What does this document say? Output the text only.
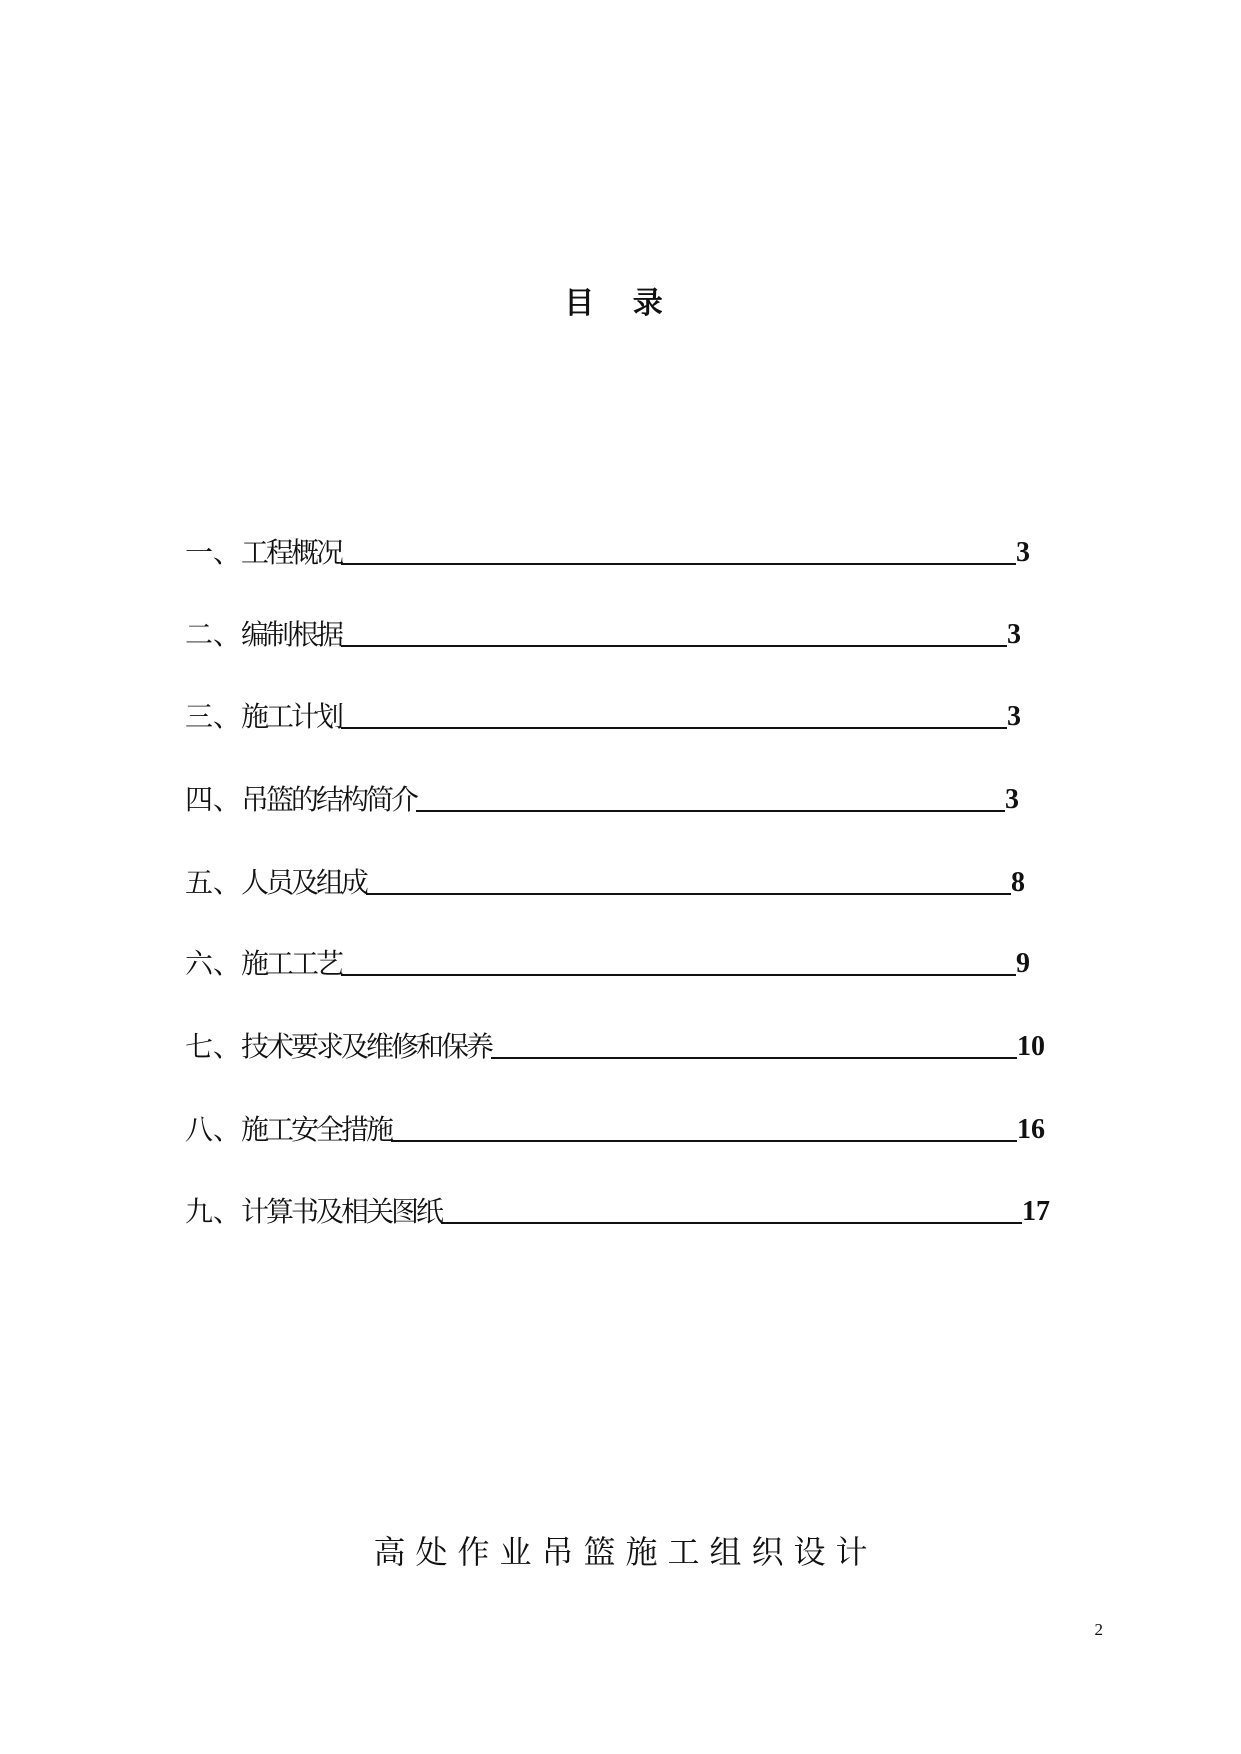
目 录
一、 工程概况	3
二、 编制根据	3
三、 施工计划	3
四、 吊篮的结构简介	3
五、 人员及组成	8
六、 施工工艺	9
七、 技术要求及维修和保养	10
八、 施工安全措施	16
九、 计算书及相关图纸	17
高处作业吊篮施工组织设计
2
